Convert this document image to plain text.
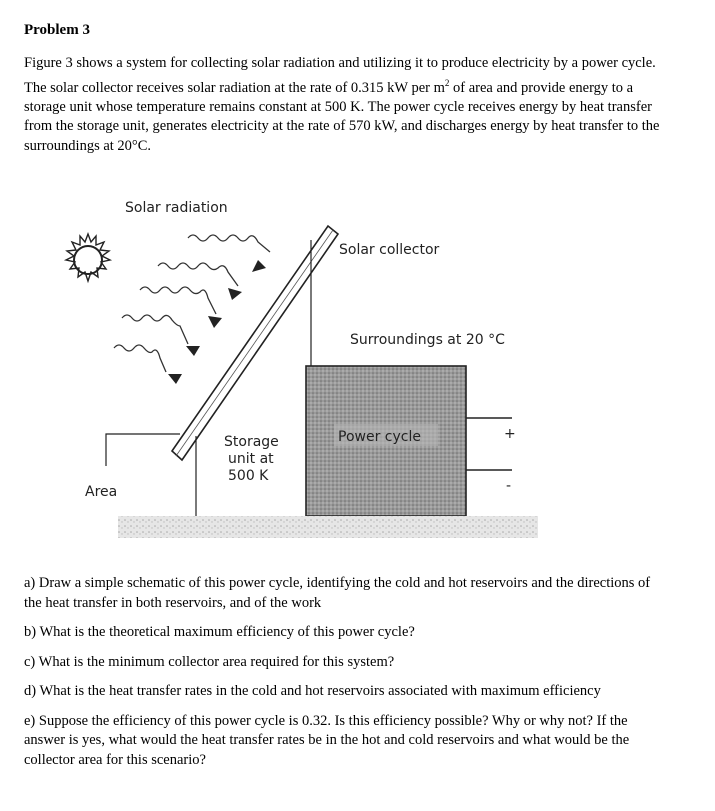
Problem 3
Figure 3 shows a system for collecting solar radiation and utilizing it to produce electricity by a power cycle. The solar collector receives solar radiation at the rate of 0.315 kW per $m^2$ of area and provide energy to a storage unit whose temperature remains constant at 500 K. The power cycle receives energy by heat transfer from the storage unit, generates electricity at the rate of 570 kW, and discharges energy by heat transfer to the surroundings at 20°C.
Solar radiation
Solar collector
Surroundings at 20 °C
Power cycle	+
-
Storage
unit at
500 K
Area
a) Draw a simple schematic of this power cycle, identifying the cold and hot reservoirs and the directions of the heat transfer in both reservoirs, and of the work
b) What is the theoretical maximum efficiency of this power cycle?
c) What is the minimum collector area required for this system?
d) What is the heat transfer rates in the cold and hot reservoirs associated with maximum efficiency
e) Suppose the efficiency of this power cycle is 0.32. Is this efficiency possible? Why or why not? If the answer is yes, what would the heat transfer rates be in the hot and cold reservoirs and what would be the collector area for this scenario?
